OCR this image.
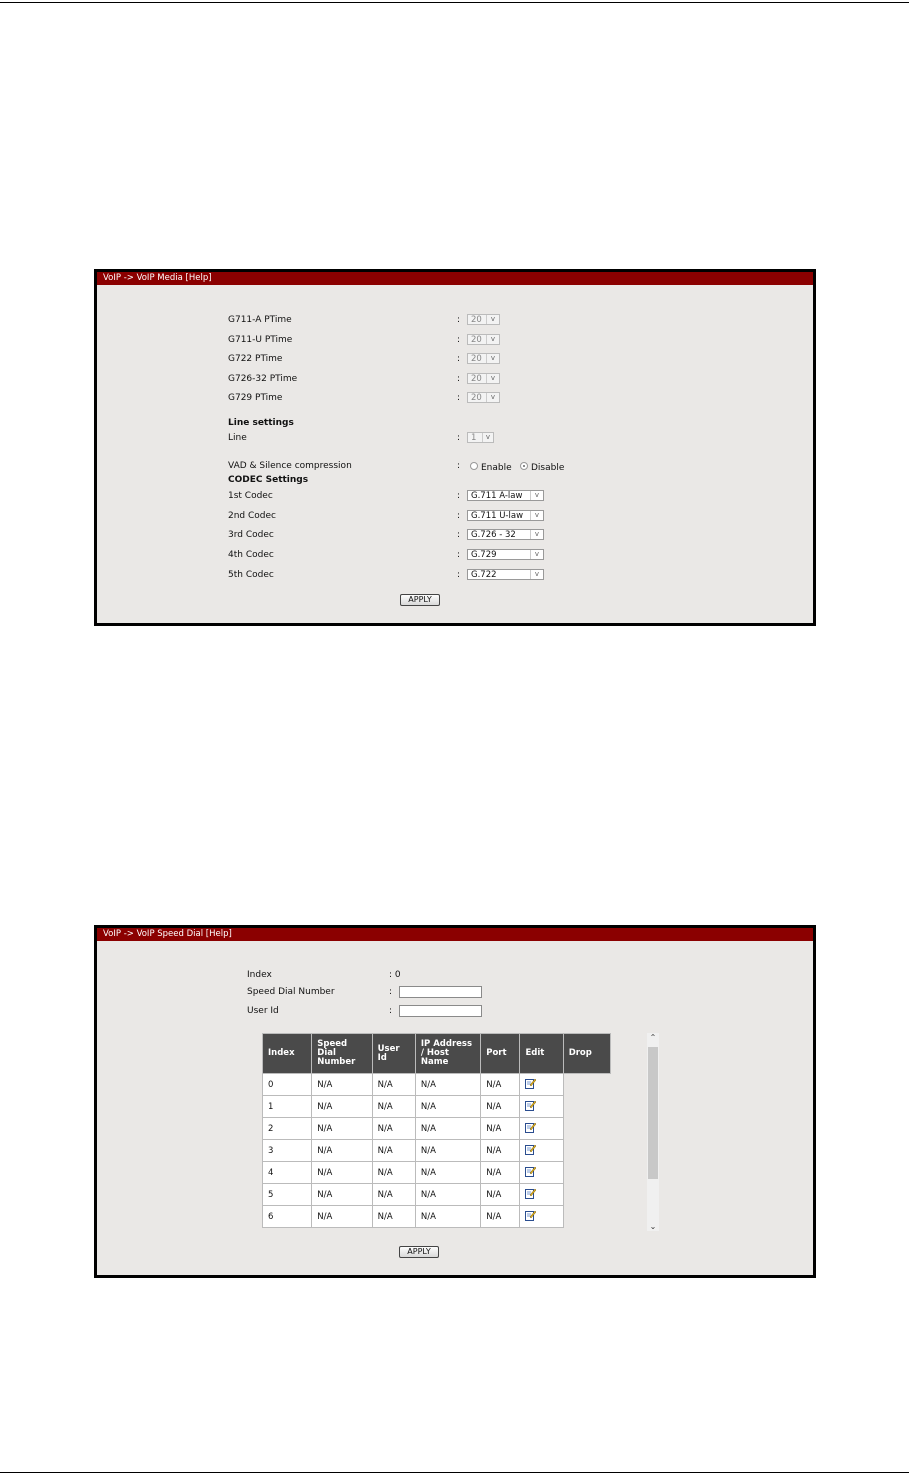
VoIP -> VoIP Media [Help]
G711-A PTime	:	20	v
G711-U PTime	:	20	v
G722 PTime	:	20	v
G726-32 PTime	:	20	v
G729 PTime	:	20	v
Line settings
Line	:	1	v
VAD & Silence compression	: Enable Disable
CODEC Settings
1st Codec	:	G.711 A-law	v
2nd Codec	:	G.711 U-law	v
3rd Codec	:	G.726 - 32	v
4th Codec	:	G.729	v
5th Codec	:	G.722	v
APPLY
VoIP -> VoIP Speed Dial [Help]
Index	: 0
Speed Dial Number	:
User Id	:
Index	Speed Dial Number	User Id	IP Address / Host Name	Port	Edit	Drop
0	N/A	N/A	N/A	N/A		
1	N/A	N/A	N/A	N/A		
2	N/A	N/A	N/A	N/A		
3	N/A	N/A	N/A	N/A		
4	N/A	N/A	N/A	N/A		
5	N/A	N/A	N/A	N/A		
6	N/A	N/A	N/A	N/A		
⌃
⌄
APPLY
